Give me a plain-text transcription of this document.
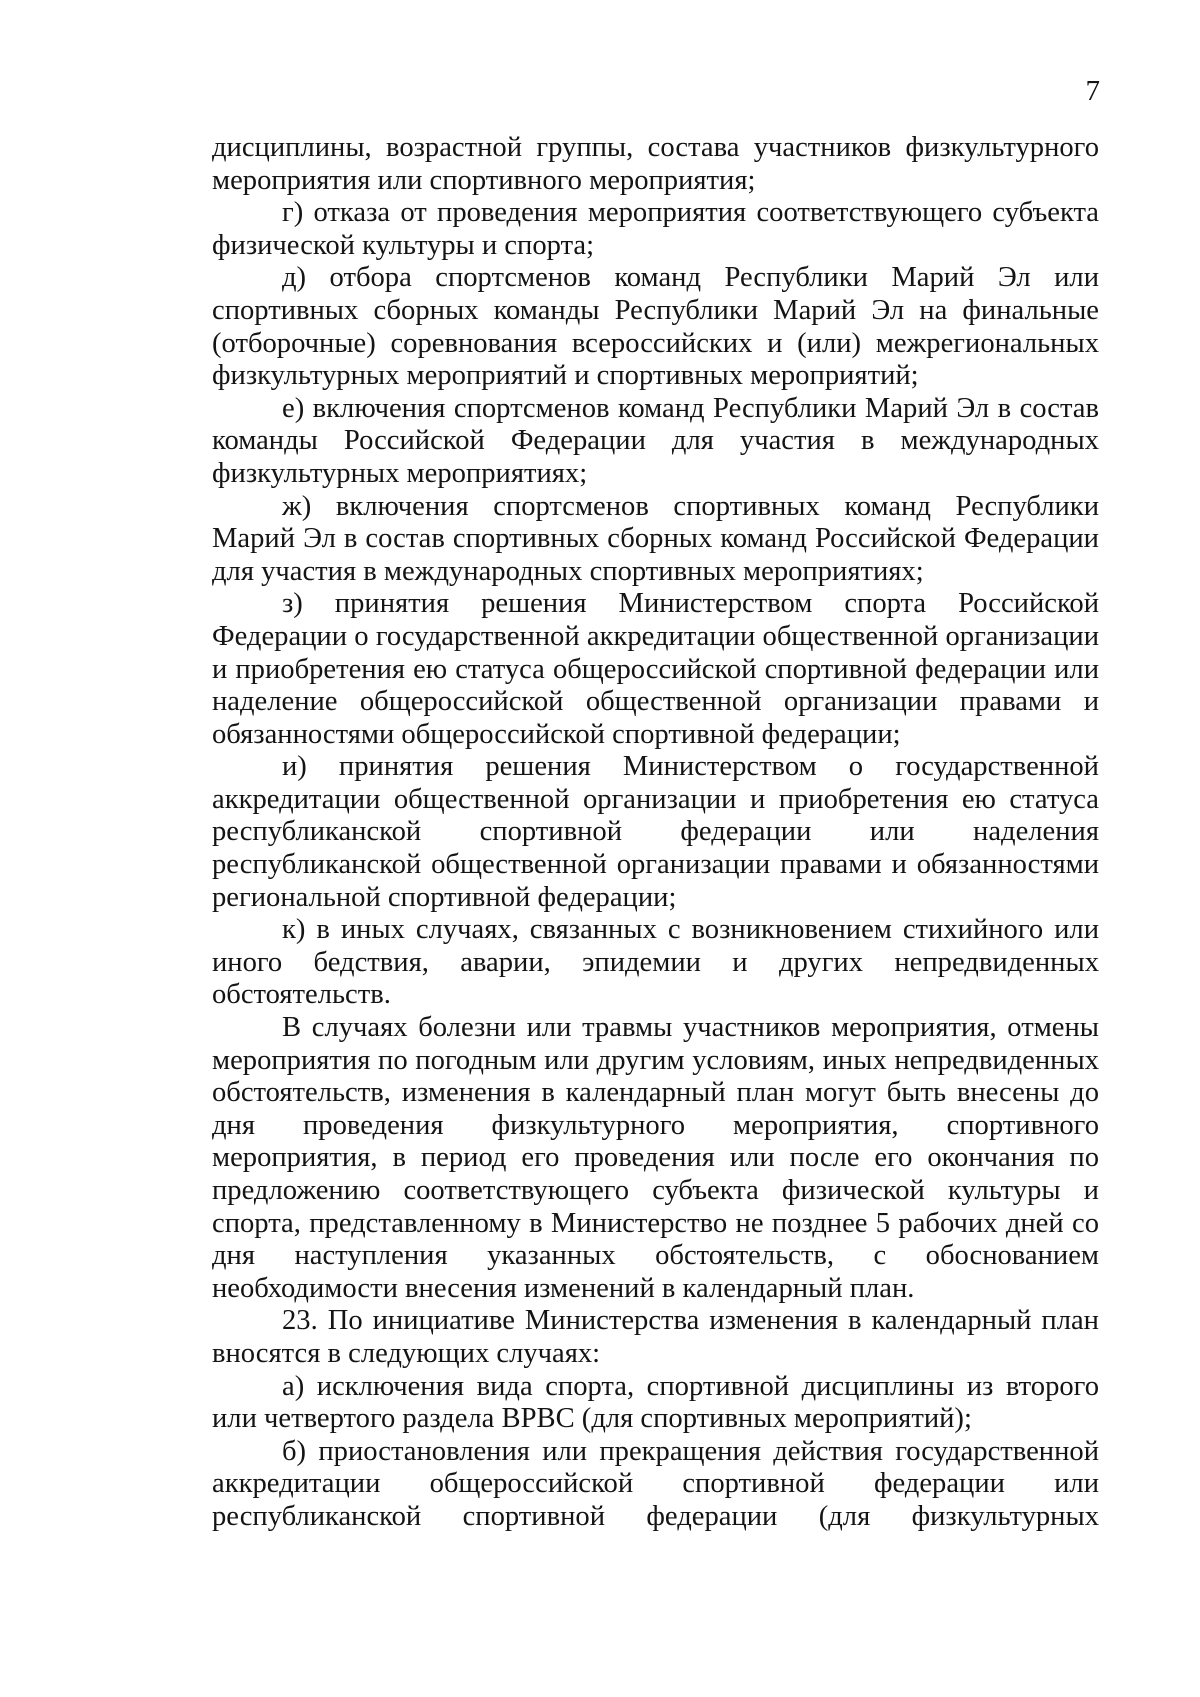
7

дисциплины, возрастной группы, состава участников физкультурного мероприятия или спортивного мероприятия;

г) отказа от проведения мероприятия соответствующего субъекта физической культуры и спорта;

д) отбора спортсменов команд Республики Марий Эл или спортивных сборных команды Республики Марий Эл на финальные (отборочные) соревнования всероссийских и (или) межрегиональных физкультурных мероприятий и спортивных мероприятий;

е) включения спортсменов команд Республики Марий Эл в состав команды Российской Федерации для участия в международных физкультурных мероприятиях;

ж) включения спортсменов спортивных команд Республики Марий Эл в состав спортивных сборных команд Российской Федерации для участия в международных спортивных мероприятиях;

з) принятия решения Министерством спорта Российской Федерации о государственной аккредитации общественной организации и приобретения ею статуса общероссийской спортивной федерации или наделение общероссийской общественной организации правами и обязанностями общероссийской спортивной федерации;

и) принятия решения Министерством о государственной аккредитации общественной организации и приобретения ею статуса республиканской спортивной федерации или наделения республиканской общественной организации правами и обязанностями региональной спортивной федерации;

к) в иных случаях, связанных с возникновением стихийного или иного бедствия, аварии, эпидемии и других непредвиденных обстоятельств.

В случаях болезни или травмы участников мероприятия, отмены мероприятия по погодным или другим условиям, иных непредвиденных обстоятельств, изменения в календарный план могут быть внесены до дня проведения физкультурного мероприятия, спортивного мероприятия, в период его проведения или после его окончания по предложению соответствующего субъекта физической культуры и спорта, представленному в Министерство не позднее 5 рабочих дней со дня наступления указанных обстоятельств, с обоснованием необходимости внесения изменений в календарный план.

23. По инициативе Министерства изменения в календарный план вносятся в следующих случаях:

а) исключения вида спорта, спортивной дисциплины из второго или четвертого раздела ВРВС (для спортивных мероприятий);

б) приостановления или прекращения действия государственной аккредитации общероссийской спортивной федерации или республиканской спортивной федерации (для физкультурных
